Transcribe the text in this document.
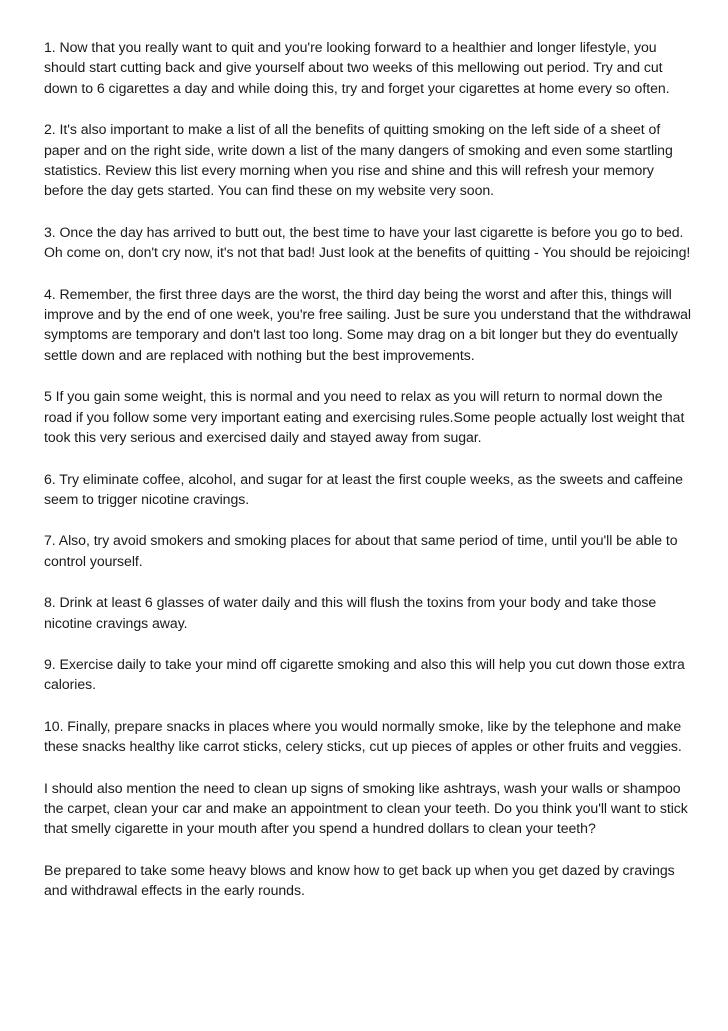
1. Now that you really want to quit and you're looking forward to a healthier and longer lifestyle, you should start cutting back and give yourself about two weeks of this mellowing out period. Try and cut down to 6 cigarettes a day and while doing this, try and forget your cigarettes at home every so often.

2. It's also important to make a list of all the benefits of quitting smoking on the left side of a sheet of paper and on the right side, write down a list of the many dangers of smoking and even some startling statistics. Review this list every morning when you rise and shine and this will refresh your memory before the day gets started. You can find these on my website very soon.

3. Once the day has arrived to butt out, the best time to have your last cigarette is before you go to bed. Oh come on, don't cry now, it's not that bad! Just look at the benefits of quitting - You should be rejoicing!

4. Remember, the first three days are the worst, the third day being the worst and after this, things will improve and by the end of one week, you're free sailing. Just be sure you understand that the withdrawal symptoms are temporary and don't last too long. Some may drag on a bit longer but they do eventually settle down and are replaced with nothing but the best improvements.

5 If you gain some weight, this is normal and you need to relax as you will return to normal down the road if you follow some very important eating and exercising rules.Some people actually lost weight that took this very serious and exercised daily and stayed away from sugar.

6. Try eliminate coffee, alcohol, and sugar for at least the first couple weeks, as the sweets and caffeine seem to trigger nicotine cravings.

7. Also, try avoid smokers and smoking places for about that same period of time, until you'll be able to control yourself.

8. Drink at least 6 glasses of water daily and this will flush the toxins from your body and take those nicotine cravings away.

9. Exercise daily to take your mind off cigarette smoking and also this will help you cut down those extra calories.

10. Finally, prepare snacks in places where you would normally smoke, like by the telephone and make these snacks healthy like carrot sticks, celery sticks, cut up pieces of apples or other fruits and veggies.

I should also mention the need to clean up signs of smoking like ashtrays, wash your walls or shampoo the carpet, clean your car and make an appointment to clean your teeth. Do you think you'll want to stick that smelly cigarette in your mouth after you spend a hundred dollars to clean your teeth?

Be prepared to take some heavy blows and know how to get back up when you get dazed by cravings and withdrawal effects in the early rounds.
